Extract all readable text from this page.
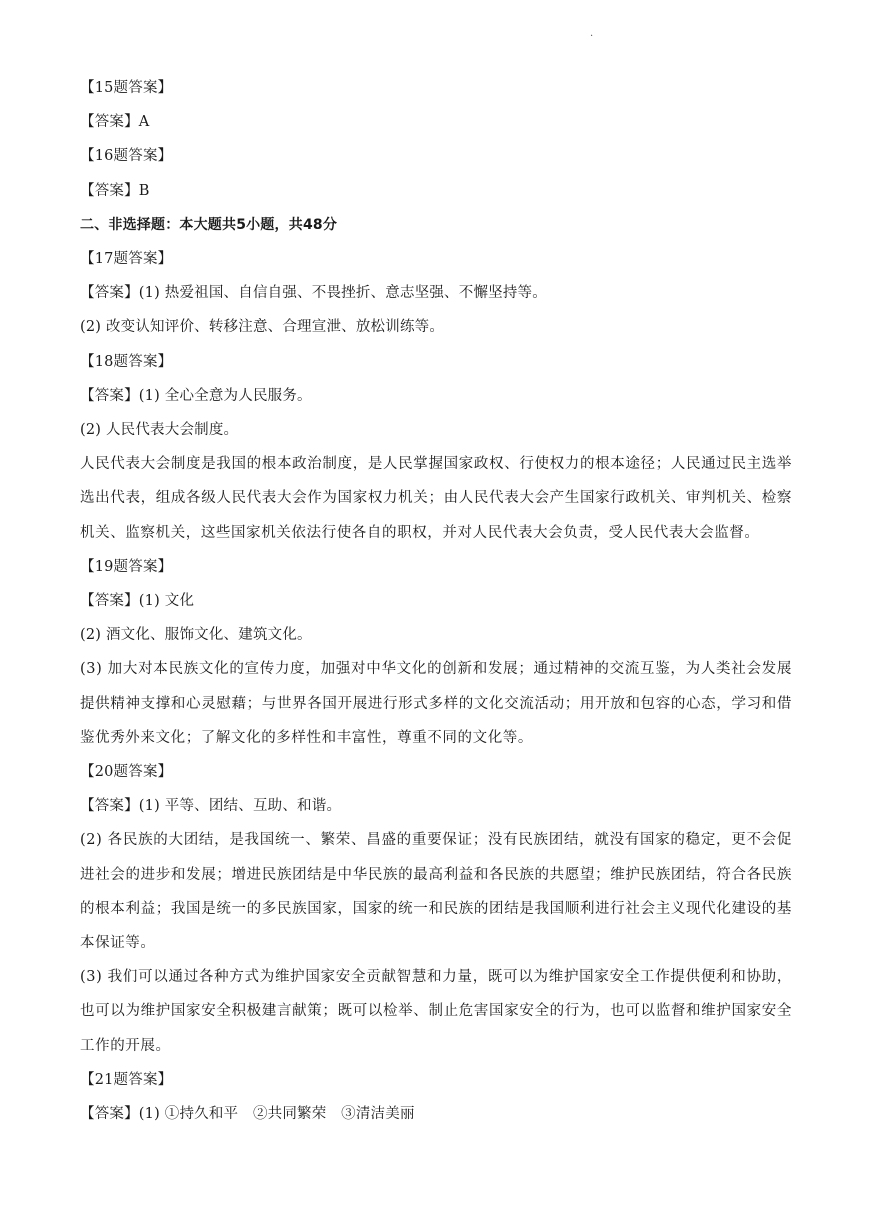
.
【15题答案】
【答案】A
【16题答案】
【答案】B
二、非选择题：本大题共5小题，共48分
【17题答案】
【答案】(1) 热爱祖国、自信自强、不畏挫折、意志坚强、不懈坚持等。
(2) 改变认知评价、转移注意、合理宣泄、放松训练等。
【18题答案】
【答案】(1) 全心全意为人民服务。
(2) 人民代表大会制度。
人民代表大会制度是我国的根本政治制度，是人民掌握国家政权、行使权力的根本途径；人民通过民主选举选出代表，组成各级人民代表大会作为国家权力机关；由人民代表大会产生国家行政机关、审判机关、检察机关、监察机关，这些国家机关依法行使各自的职权，并对人民代表大会负责，受人民代表大会监督。
【19题答案】
【答案】(1) 文化
(2) 酒文化、服饰文化、建筑文化。
(3) 加大对本民族文化的宣传力度，加强对中华文化的创新和发展；通过精神的交流互鉴，为人类社会发展提供精神支撑和心灵慰藉；与世界各国开展进行形式多样的文化交流活动；用开放和包容的心态，学习和借鉴优秀外来文化；了解文化的多样性和丰富性，尊重不同的文化等。
【20题答案】
【答案】(1) 平等、团结、互助、和谐。
(2) 各民族的大团结，是我国统一、繁荣、昌盛的重要保证；没有民族团结，就没有国家的稳定，更不会促进社会的进步和发展；增进民族团结是中华民族的最高利益和各民族的共愿望；维护民族团结，符合各民族的根本利益；我国是统一的多民族国家，国家的统一和民族的团结是我国顺利进行社会主义现代化建设的基本保证等。
(3) 我们可以通过各种方式为维护国家安全贡献智慧和力量，既可以为维护国家安全工作提供便利和协助，也可以为维护国家安全积极建言献策；既可以检举、制止危害国家安全的行为，也可以监督和维护国家安全工作的开展。
【21题答案】
【答案】(1) ①持久和平　②共同繁荣　③清洁美丽
